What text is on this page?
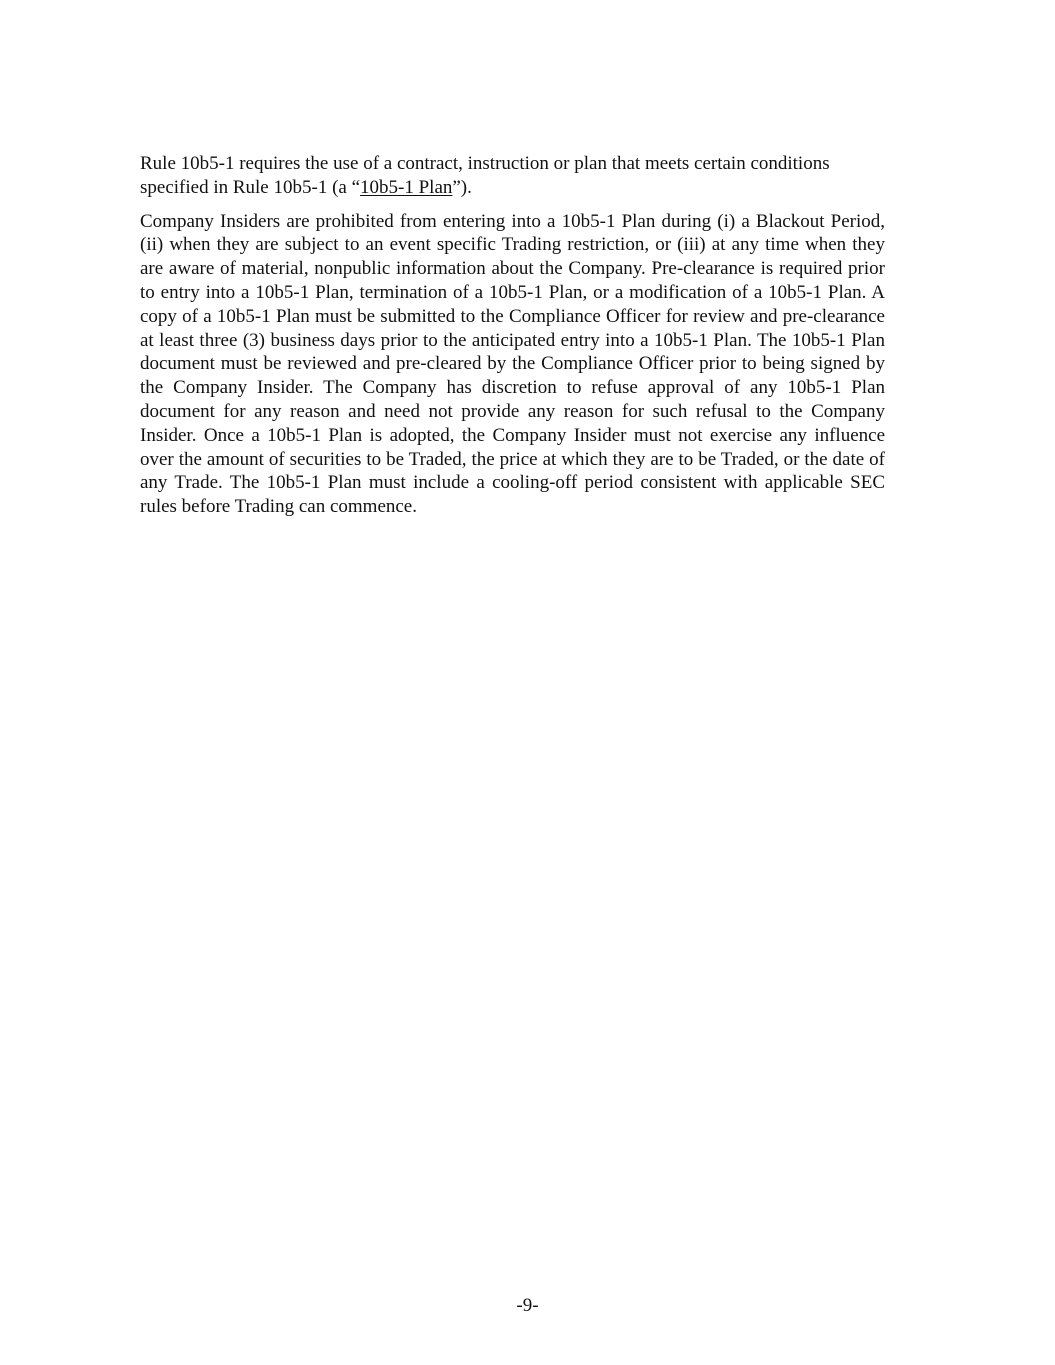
Rule 10b5-1 requires the use of a contract, instruction or plan that meets certain conditions specified in Rule 10b5-1 (a “10b5-1 Plan”).

Company Insiders are prohibited from entering into a 10b5-1 Plan during (i) a Blackout Period, (ii) when they are subject to an event specific Trading restriction, or (iii) at any time when they are aware of material, nonpublic information about the Company. Pre-clearance is required prior to entry into a 10b5-1 Plan, termination of a 10b5-1 Plan, or a modification of a 10b5-1 Plan. A copy of a 10b5-1 Plan must be submitted to the Compliance Officer for review and pre-clearance at least three (3) business days prior to the anticipated entry into a 10b5-1 Plan. The 10b5-1 Plan document must be reviewed and pre-cleared by the Compliance Officer prior to being signed by the Company Insider. The Company has discretion to refuse approval of any 10b5-1 Plan document for any reason and need not provide any reason for such refusal to the Company Insider. Once a 10b5-1 Plan is adopted, the Company Insider must not exercise any influence over the amount of securities to be Traded, the price at which they are to be Traded, or the date of any Trade. The 10b5-1 Plan must include a cooling-off period consistent with applicable SEC rules before Trading can commence.

-9-
